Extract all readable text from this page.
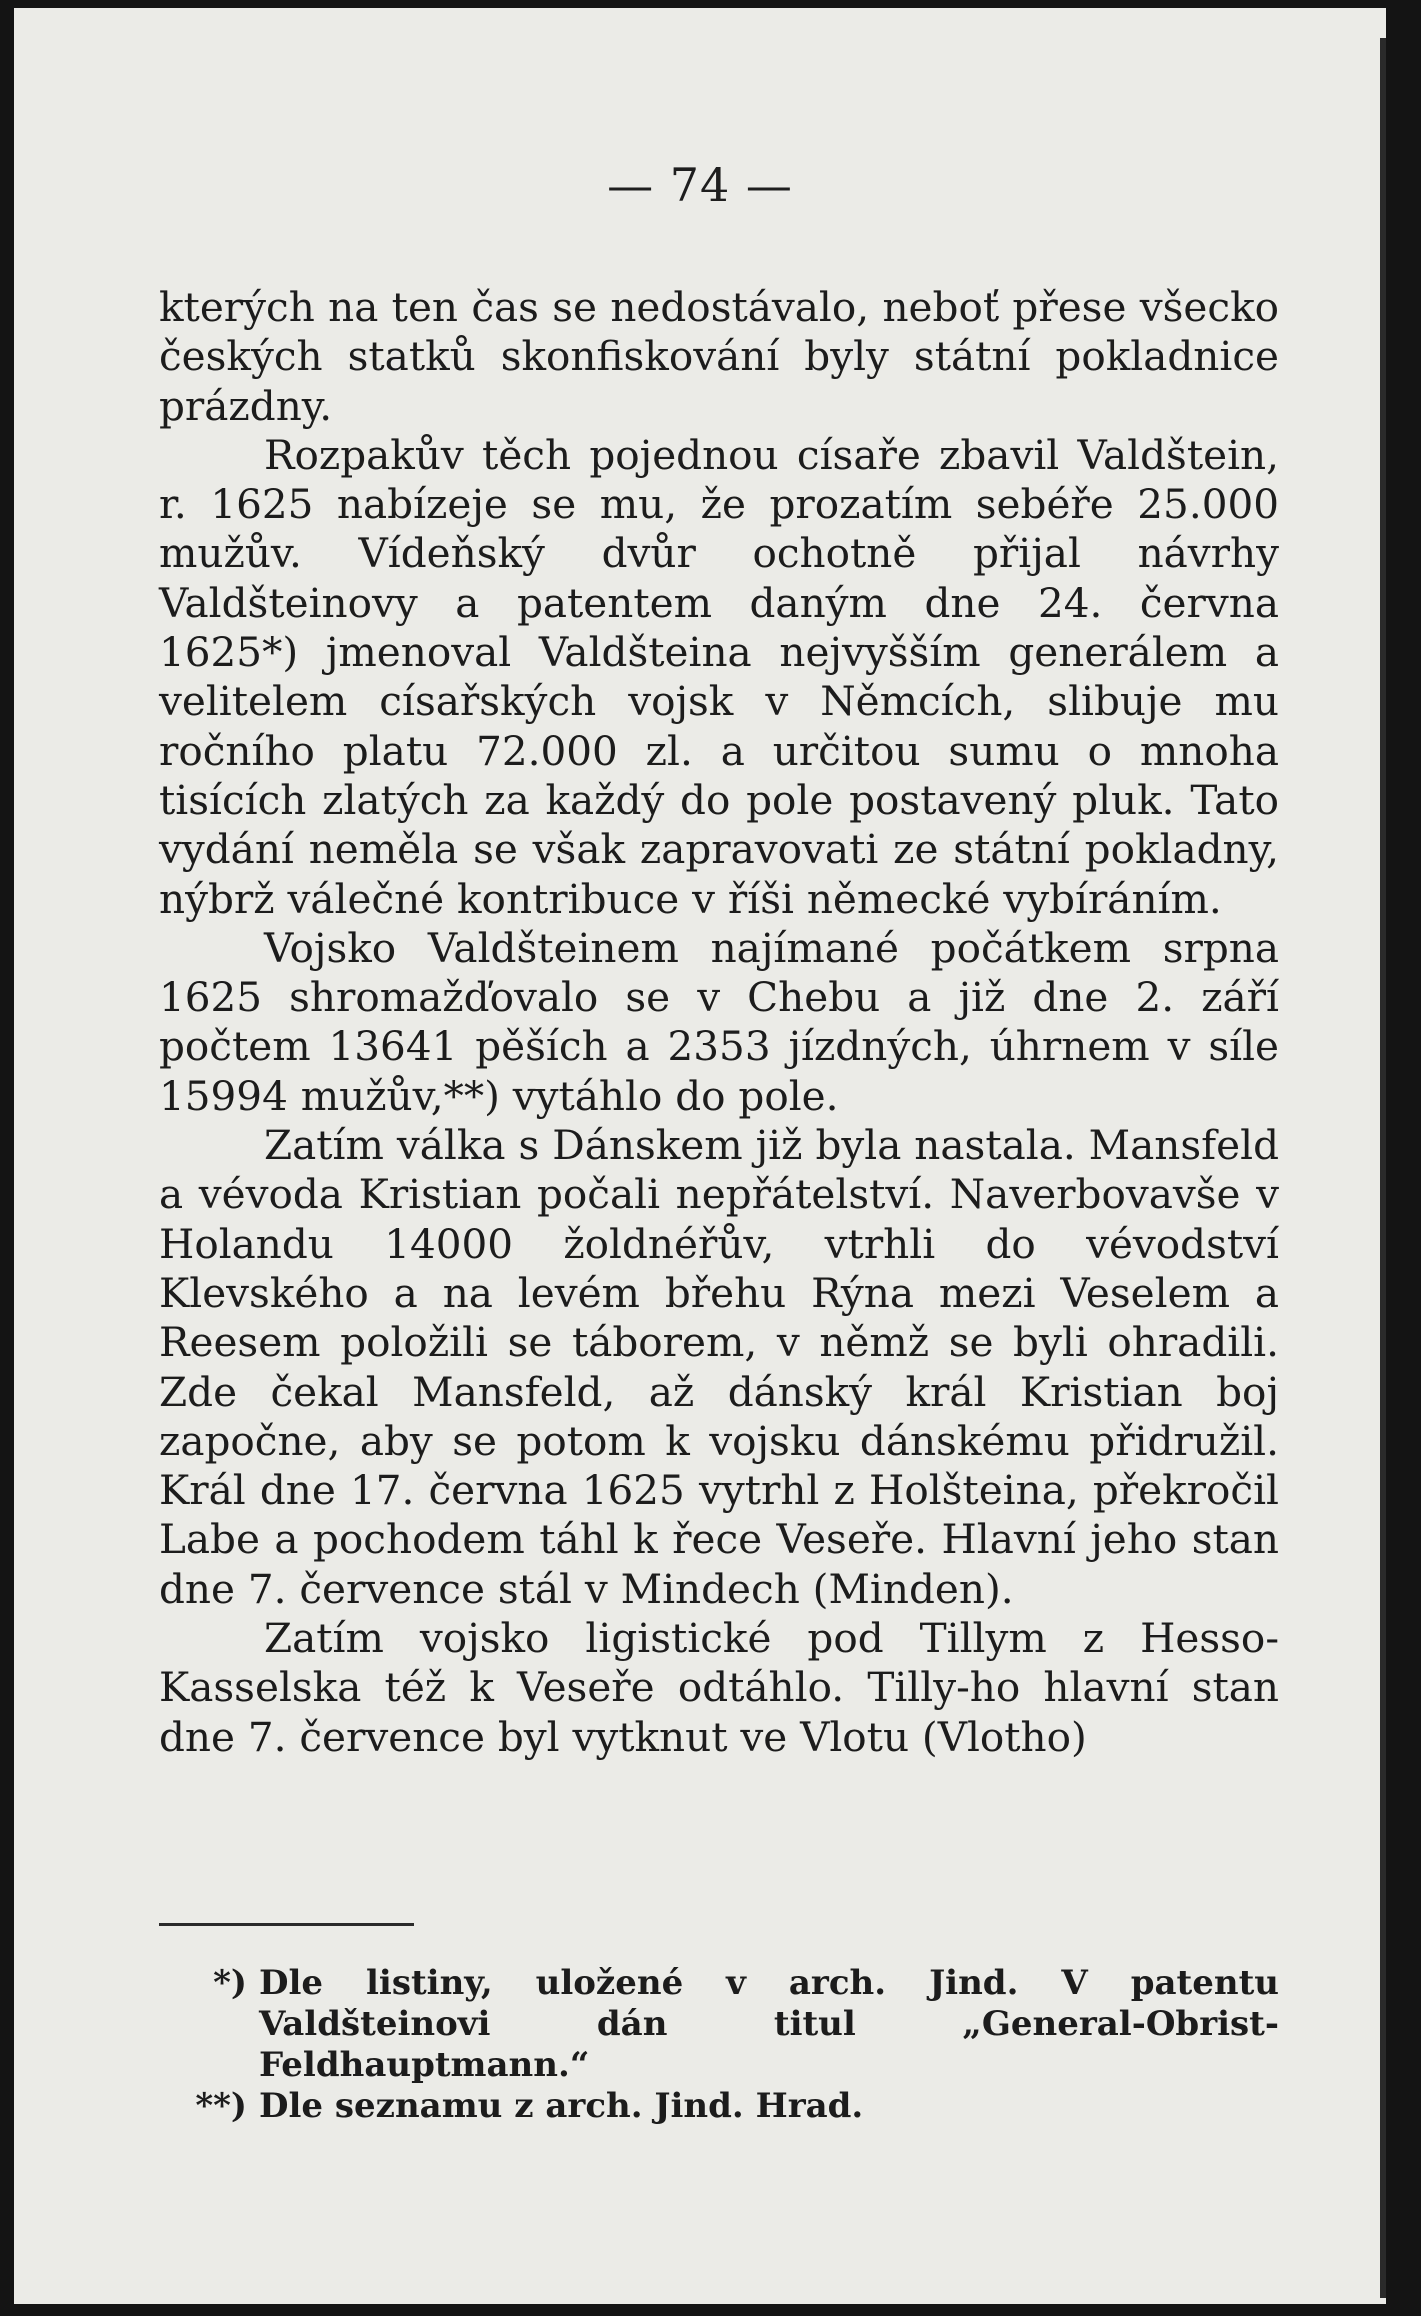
— 74 —

kterých na ten čas se nedostávalo, neboť přese všecko českých statků skonfiskování byly státní pokladnice prázdny.

Rozpakův těch pojednou císaře zbavil Valdštein, r. 1625 nabízeje se mu, že prozatím sebéře 25.000 mužův. Vídeňský dvůr ochotně přijal návrhy Valdšteinovy a patentem daným dne 24. června 1625*) jmenoval Valdšteina nejvyšším generálem a velitelem císařských vojsk v Němcích, slibuje mu ročního platu 72.000 zl. a určitou sumu o mnoha tisících zlatých za každý do pole postavený pluk. Tato vydání neměla se však zapravovati ze státní pokladny, nýbrž válečné kontribuce v říši německé vybíráním.

Vojsko Valdšteinem najímané počátkem srpna 1625 shromažďovalo se v Chebu a již dne 2. září počtem 13641 pěších a 2353 jízdných, úhrnem v síle 15994 mužův,**) vytáhlo do pole.

Zatím válka s Dánskem již byla nastala. Mansfeld a vévoda Kristian počali nepřátelství. Naverbovavše v Holandu 14000 žoldnéřův, vtrhli do vévodství Klevského a na levém břehu Rýna mezi Veselem a Reesem položili se táborem, v němž se byli ohradili. Zde čekal Mansfeld, až dánský král Kristian boj započne, aby se potom k vojsku dánskému přidružil. Král dne 17. června 1625 vytrhl z Holšteina, překročil Labe a pochodem táhl k řece Veseře. Hlavní jeho stan dne 7. července stál v Mindech (Minden).

Zatím vojsko ligistické pod Tillym z Hesso-Kasselska též k Veseře odtáhlo. Tilly-ho hlavní stan dne 7. července byl vytknut ve Vlotu (Vlotho)

*) Dle listiny, uložené v arch. Jind. V patentu Valdšteinovi dán titul „General-Obrist-Feldhauptmann.“
**) Dle seznamu z arch. Jind. Hrad.
